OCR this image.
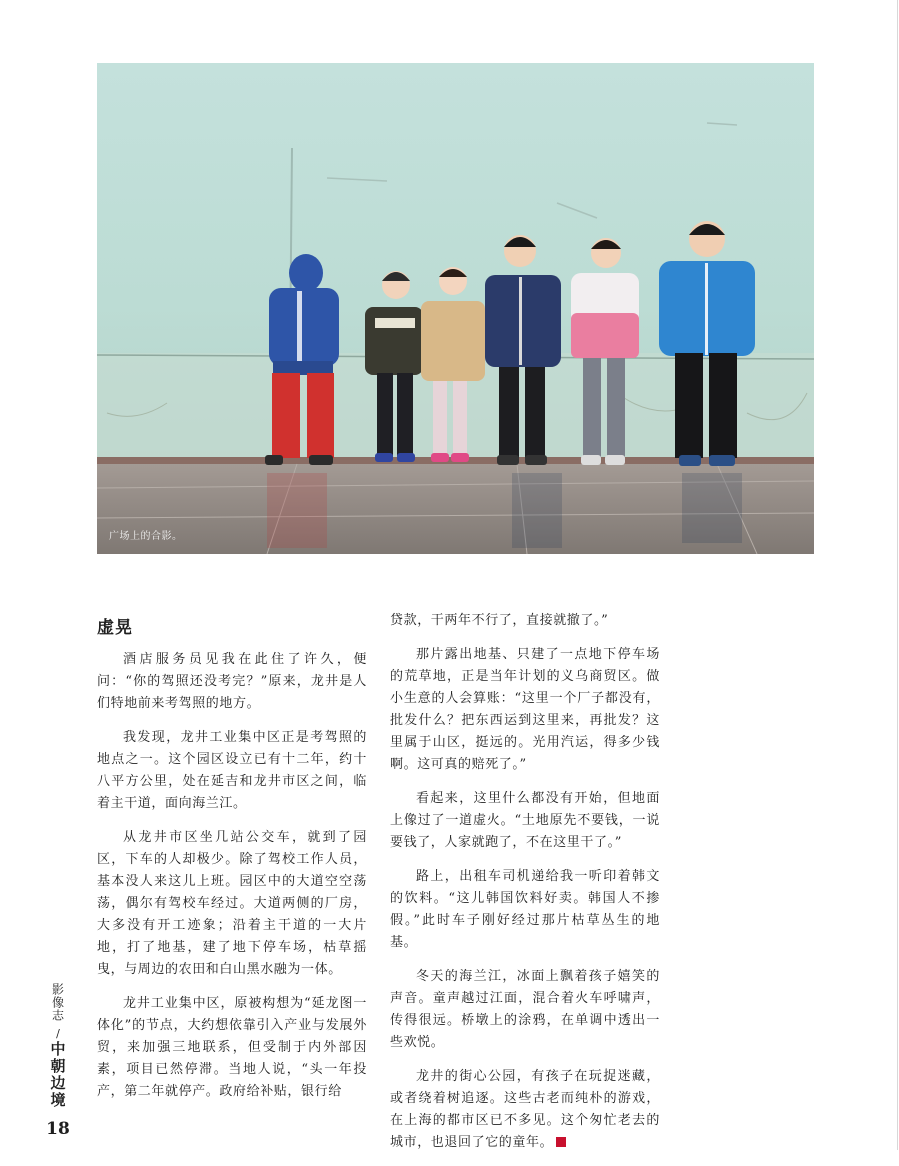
广场上的合影。
虚晃

酒店服务员见我在此住了许久，便问：“你的驾照还没考完？”原来，龙井是人们特地前来考驾照的地方。

我发现，龙井工业集中区正是考驾照的地点之一。这个园区设立已有十二年，约十八平方公里，处在延吉和龙井市区之间，临着主干道，面向海兰江。

从龙井市区坐几站公交车，就到了园区，下车的人却极少。除了驾校工作人员，基本没人来这儿上班。园区中的大道空空荡荡，偶尔有驾校车经过。大道两侧的厂房，大多没有开工迹象；沿着主干道的一大片地，打了地基，建了地下停车场，枯草摇曳，与周边的农田和白山黑水融为一体。

龙井工业集中区，原被构想为“延龙图一体化”的节点，大约想依靠引入产业与发展外贸，来加强三地联系，但受制于内外部因素，项目已然停滞。当地人说，“头一年投产，第二年就停产。政府给补贴，银行给

贷款，干两年不行了，直接就撤了。”

那片露出地基、只建了一点地下停车场的荒草地，正是当年计划的义乌商贸区。做小生意的人会算账：“这里一个厂子都没有，批发什么？把东西运到这里来，再批发？这里属于山区，挺远的。光用汽运，得多少钱啊。这可真的赔死了。”

看起来，这里什么都没有开始，但地面上像过了一道虚火。“土地原先不要钱，一说要钱了，人家就跑了，不在这里干了。”

路上，出租车司机递给我一听印着韩文的饮料。“这儿韩国饮料好卖。韩国人不掺假。”此时车子刚好经过那片枯草丛生的地基。

冬天的海兰江，冰面上飘着孩子嬉笑的声音。童声越过江面，混合着火车呼啸声，传得很远。桥墩上的涂鸦，在单调中透出一些欢悦。

龙井的街心公园，有孩子在玩捉迷藏，或者绕着树追逐。这些古老而纯朴的游戏，在上海的都市区已不多见。这个匆忙老去的城市，也退回了它的童年。

影像志
/
中朝边境
18
